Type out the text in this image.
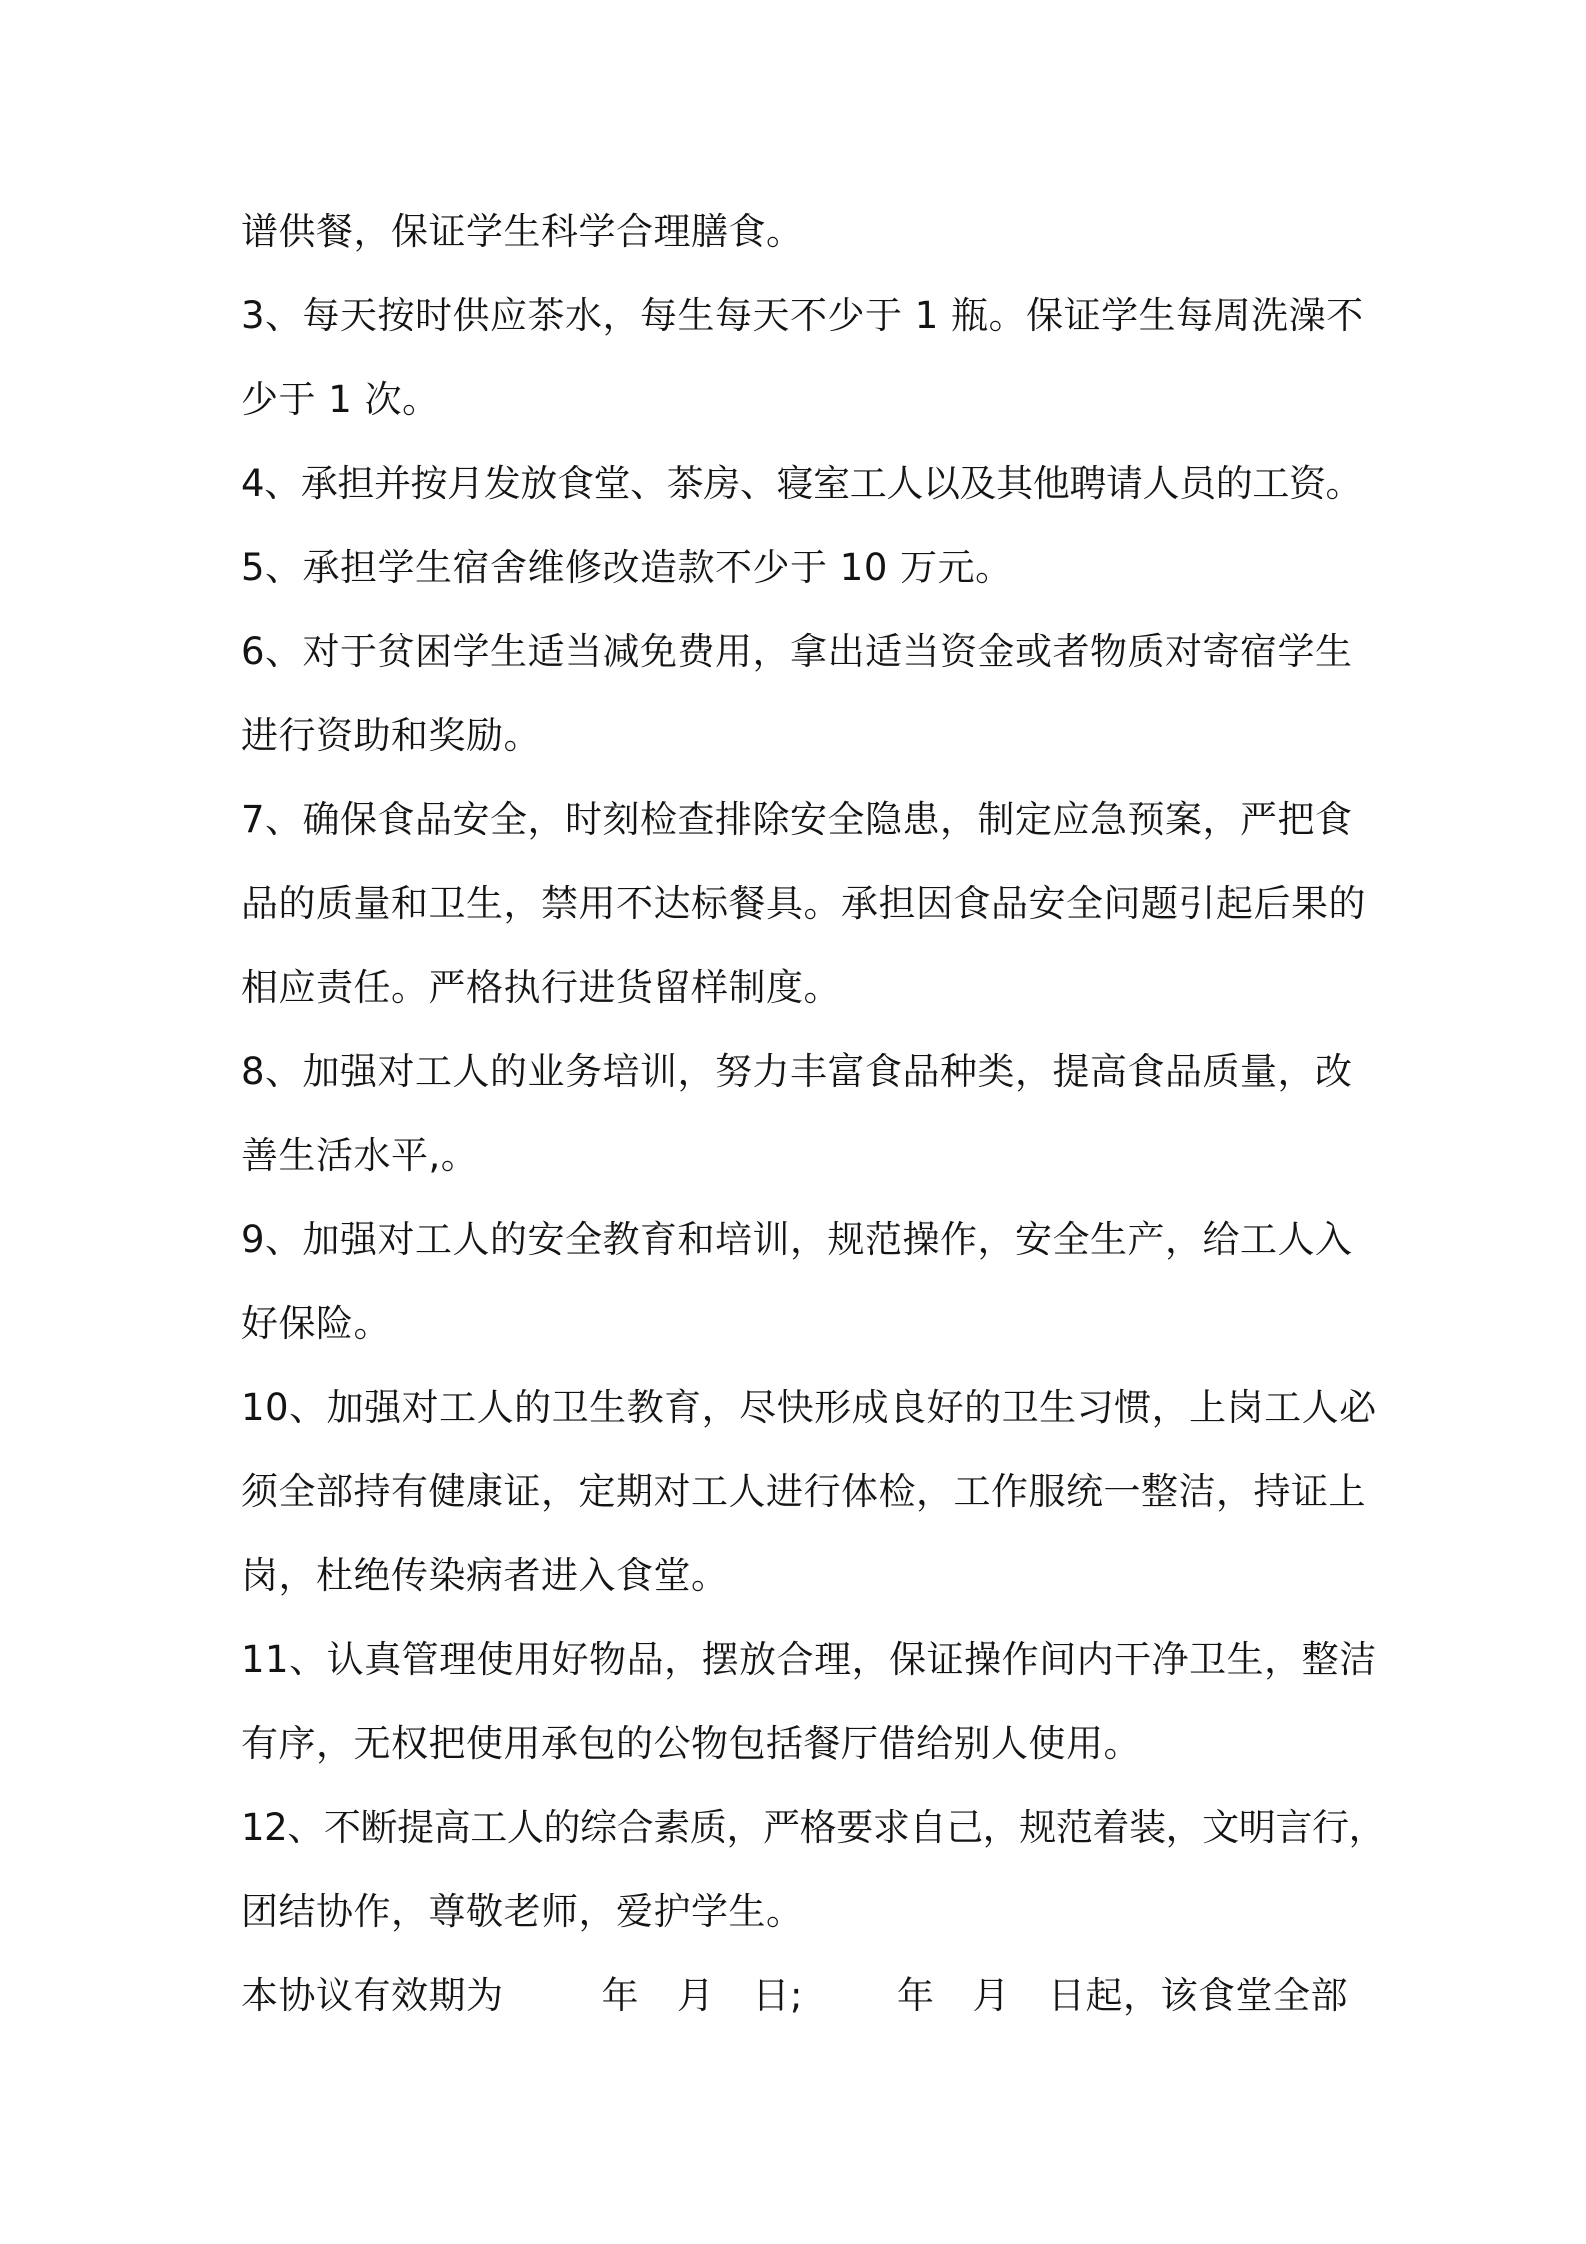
谱供餐，保证学生科学合理膳食。
3、每天按时供应茶水，每生每天不少于 1 瓶。保证学生每周洗澡不
少于 1 次。
4、承担并按月发放食堂、茶房、寝室工人以及其他聘请人员的工资。
5、承担学生宿舍维修改造款不少于 10 万元。
6、对于贫困学生适当减免费用，拿出适当资金或者物质对寄宿学生
进行资助和奖励。
7、确保食品安全，时刻检查排除安全隐患，制定应急预案，严把食
品的质量和卫生，禁用不达标餐具。承担因食品安全问题引起后果的
相应责任。严格执行进货留样制度。
8、加强对工人的业务培训，努力丰富食品种类，提高食品质量，改
善生活水平,。
9、加强对工人的安全教育和培训，规范操作，安全生产，给工人入
好保险。
10、加强对工人的卫生教育，尽快形成良好的卫生习惯，上岗工人必
须全部持有健康证，定期对工人进行体检，工作服统一整洁，持证上
岗，杜绝传染病者进入食堂。
11、认真管理使用好物品，摆放合理，保证操作间内干净卫生，整洁
有序，无权把使用承包的公物包括餐厅借给别人使用。
12、不断提高工人的综合素质，严格要求自己，规范着装，文明言行，
团结协作，尊敬老师，爱护学生。
本协议有效期为	年 月 日;	年 月 日起，该食堂全部
